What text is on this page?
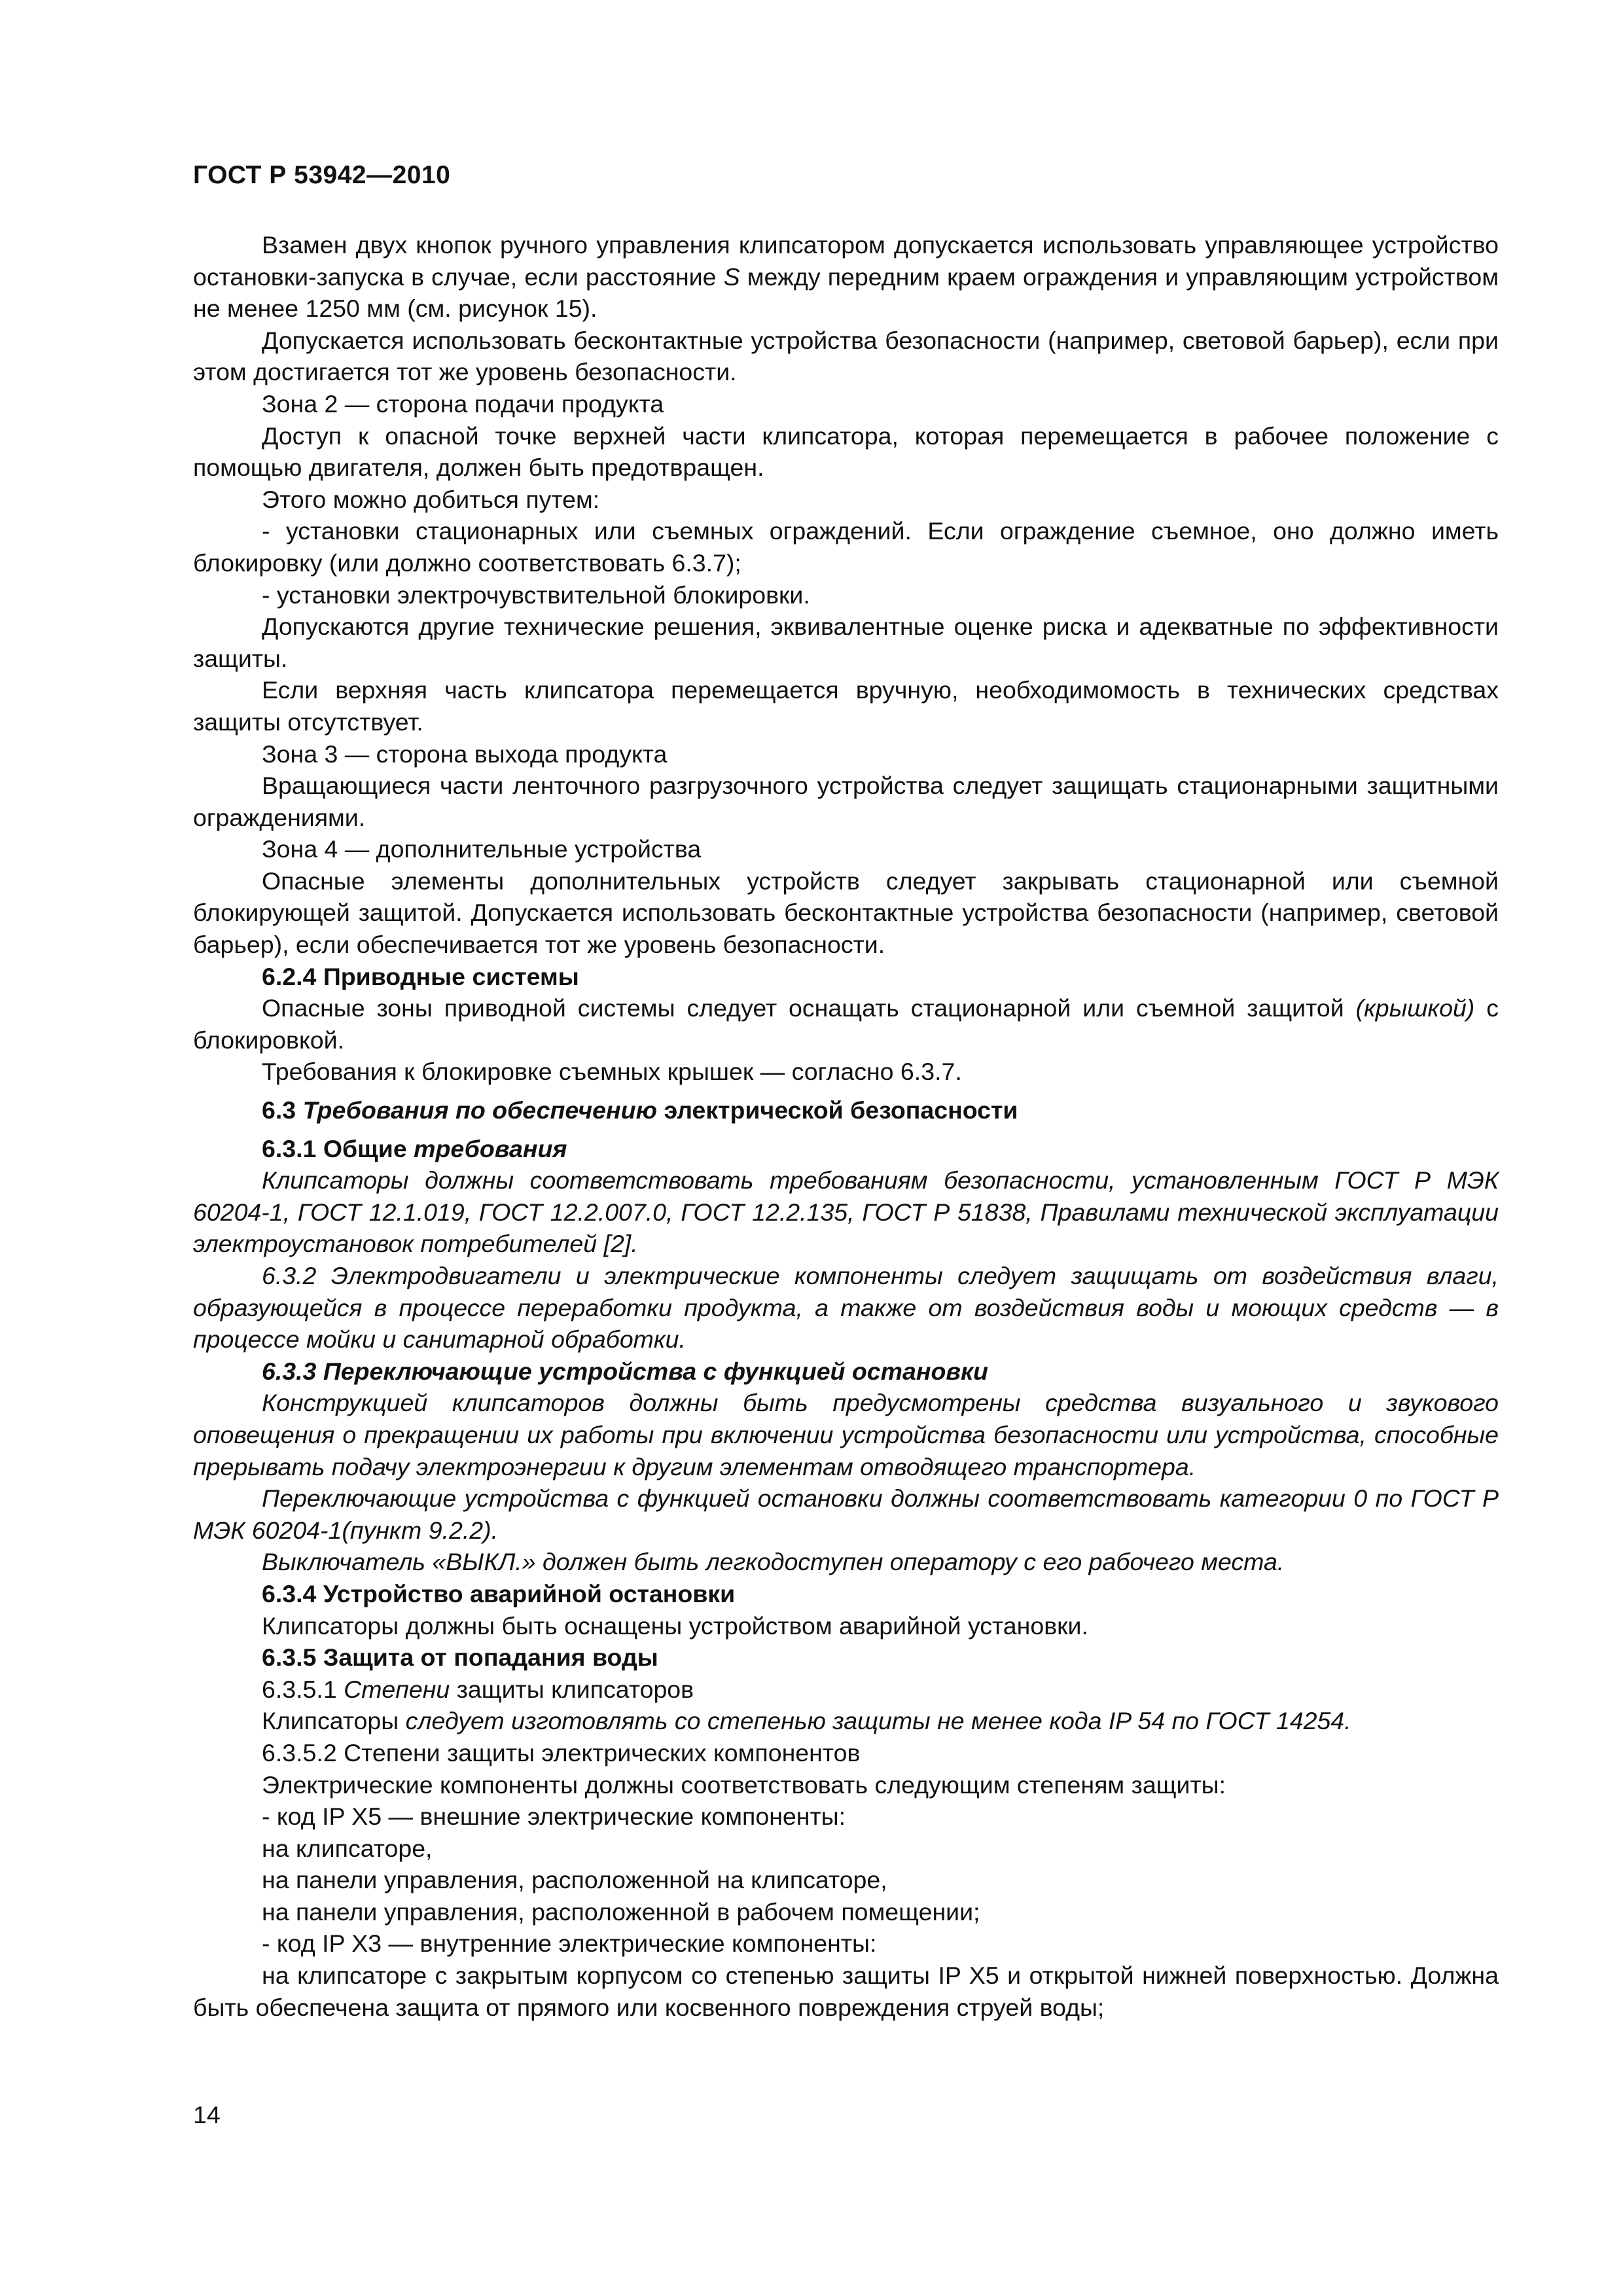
ГОСТ Р 53942—2010

Взамен двух кнопок ручного управления клипсатором допускается использовать управляющее устройство остановки-запуска в случае, если расстояние S между передним краем ограждения и управляющим устройством не менее 1250 мм (см. рисунок 15).

Допускается использовать бесконтактные устройства безопасности (например, световой барьер), если при этом достигается тот же уровень безопасности.

Зона 2 — сторона подачи продукта

Доступ к опасной точке верхней части клипсатора, которая перемещается в рабочее положение с помощью двигателя, должен быть предотвращен.

Этого можно добиться путем:

- установки стационарных или съемных ограждений. Если ограждение съемное, оно должно иметь блокировку (или должно соответствовать 6.3.7);

- установки электрочувствительной блокировки.

Допускаются другие технические решения, эквивалентные оценке риска и адекватные по эффективности защиты.

Если верхняя часть клипсатора перемещается вручную, необходимомость в технических средствах защиты отсутствует.

Зона 3 — сторона выхода продукта

Вращающиеся части ленточного разгрузочного устройства следует защищать стационарными защитными ограждениями.

Зона 4 — дополнительные устройства

Опасные элементы дополнительных устройств следует закрывать стационарной или съемной блокирующей защитой. Допускается использовать бесконтактные устройства безопасности (например, световой барьер), если обеспечивается тот же уровень безопасности.

6.2.4 Приводные системы

Опасные зоны приводной системы следует оснащать стационарной или съемной защитой (крышкой) с блокировкой.

Требования к блокировке съемных крышек — согласно 6.3.7.

6.3 Требования по обеспечению электрической безопасности

6.3.1 Общие требования

Клипсаторы должны соответствовать требованиям безопасности, установленным ГОСТ Р МЭК 60204-1, ГОСТ 12.1.019, ГОСТ 12.2.007.0, ГОСТ 12.2.135, ГОСТ Р 51838, Правилами технической эксплуатации электроустановок потребителей [2].

6.3.2 Электродвигатели и электрические компоненты следует защищать от воздействия влаги, образующейся в процессе переработки продукта, а также от воздействия воды и моющих средств — в процессе мойки и санитарной обработки.

6.3.3 Переключающие устройства с функцией остановки

Конструкцией клипсаторов должны быть предусмотрены средства визуального и звукового оповещения о прекращении их работы при включении устройства безопасности или устройства, способные прерывать подачу электроэнергии к другим элементам отводящего транспортера.

Переключающие устройства с функцией остановки должны соответствовать категории 0 по ГОСТ Р МЭК 60204-1(пункт 9.2.2).

Выключатель «ВЫКЛ.» должен быть легкодоступен оператору с его рабочего места.

6.3.4 Устройство аварийной остановки

Клипсаторы должны быть оснащены устройством аварийной установки.

6.3.5 Защита от попадания воды

6.3.5.1 Степени защиты клипсаторов

Клипсаторы следует изготовлять со степенью защиты не менее кода IP 54 по ГОСТ 14254.

6.3.5.2 Степени защиты электрических компонентов

Электрические компоненты должны соответствовать следующим степеням защиты:

- код IP X5 — внешние электрические компоненты:

на клипсаторе,

на панели управления, расположенной на клипсаторе,

на панели управления, расположенной в рабочем помещении;

- код IP X3 — внутренние электрические компоненты:

на клипсаторе с закрытым корпусом со степенью защиты IP X5 и открытой нижней поверхностью. Должна быть обеспечена защита от прямого или косвенного повреждения струей воды;

14
